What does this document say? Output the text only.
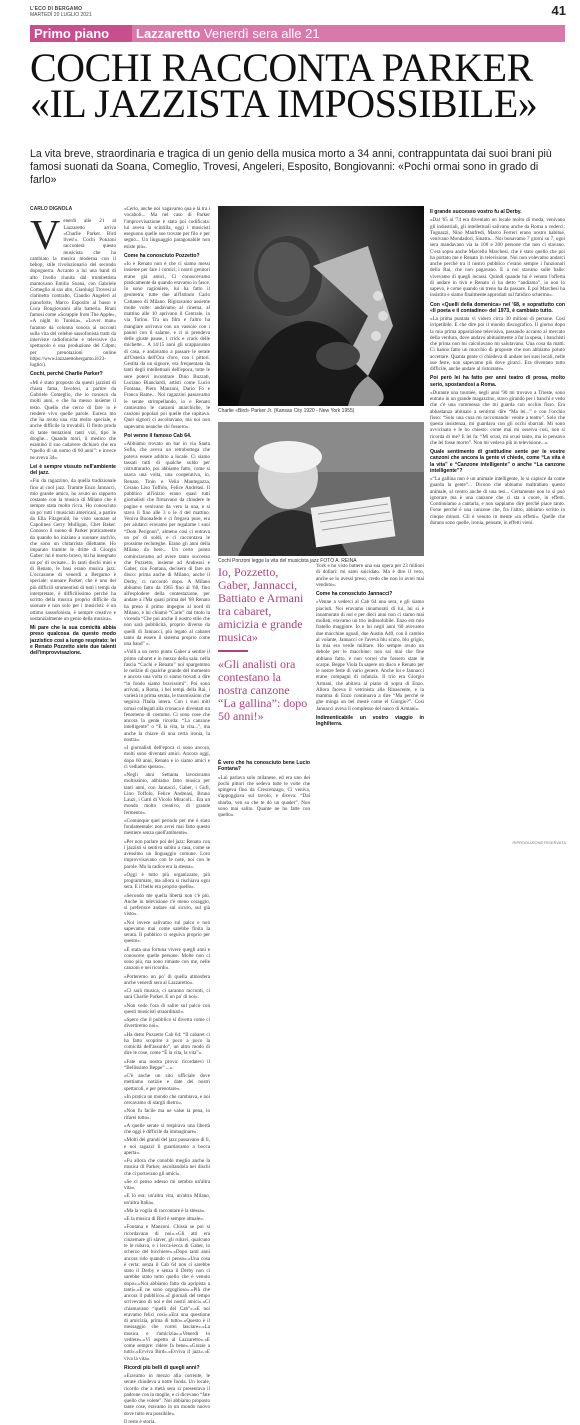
L'ECO DI BERGAMO
MARTEDÌ 20 LUGLIO 2021	41
Primo piano	Lazzaretto Venerdì sera alle 21
COCHI RACCONTA PARKER
«IL JAZZISTA IMPOSSIBILE»

La vita breve, straordinaria e tragica di un genio della musica morto a 34 anni, contrappuntata dai suoi brani più famosi suonati da Soana, Comeglio, Trovesi, Angeleri, Esposito, Bongiovanni: «Pochi ormai sono in grado di farlo»

CARLO DIGNOLA

Venerdì alle 21 al Lazzaretto arriva «Charlie Parker. Bird lives!». Cochi Ponzoni racconterà questo musicista che ha cambiato la musica moderna con il bebop, stile rivoluzionario del secondo dopoguerra. Accanto a lui una band di alto livello riunita dal trombettista mantovano Emilio Soana, con Gabriele Comeglio al sax alto, Gianluigi Trovesi al clarinetto contralto, Claudio Angeleri al pianoforte, Marco Esposito al basso e Luca Bongiovanni alla batteria. Brani famosi come «Scrapple from The Apple», «A night in Tunisia», «Lover man» faranno da colonna sonora ai racconti sulla vita del celebre sassofonista tratti da interviste radiofoniche e televisive (lo spettacolo è una produzione del Cdpm; per prenotazioni online https://www.lazzarettobergamo.it/23-luglio/).

Cochi, perché Charlie Parker?

«Mi è stato proposto da questi jazzisti di chiara fama, favolosi, a partire da Gabriele Comeglio, che io conosco da molti anni, e che ha messo insieme il testo. Quello che cerco di fare io è rendere vivo quelle parole. Eureca mo che ha avuto una vita molto speciale, e anche difficile la trovabili. Il finito proda di tante tentazioni tanti vizi, tipo le droghe... Quando morì, il medico che esaminò il suo cadavere dichiarò che era “quello di un uomo di 60 anni”: e invece ne aveva 34».

Lei è sempre vissuto nell'ambiente del jazz.

«Fin da ragazzino, da quella tradizionale fino al cool jazz. Tramite Enzo Jannacci, mio grande amico, ho avuto un rapporto costante con la musica di Milano che è sempre stata molto ricca. Ho conosciuto un po' tutti i musicisti americani, a partire da Ella Fitzgerald, ho visto suonare al Capolinea Gerry Mulligan, Chet Baker. Conosco il suono di Parker praticamente da quando ho iniziato a suonare anch'io, che sono un chitarrista dilettante. Ho imparato tramite le dritte di Giorgio Gaber: lui è morto bravo, mi ha insegnato un po' di swisate... In tanti dischi miei e di Renato, le basi erano musica jazz. L'occasione di venerdì a Bergamo è speciale: suonare Parker, che è uno dei più difficili strumentisti di tutti i tempi da interpretare, è difficilissimo perché ha scritto della musica proprio difficile da suonare e non solo per i musicisti: è un ottimo sassofonista, è sempre creativo e sostanzialmente un genio della musica».

Mi pare che la sua comicità abbia preso qualcosa da questo modo jazzistico così a lungo respirato: lei e Renato Pozzetto siete due talenti dell'improvvisazione.

«Certo, anche noi vagavamo qua e là tra i vocaboli... Ma nel caso di Parker l'improvvisazione è stata poi codificata: lui aveva la scintilla, oggi i musicisti eseguono quelle sue trovate per filo e per segno... Un linguaggio paragonabile non esiste più».

Come ha conosciuto Pozzetto?

«Io e Renato non è che ci siamo messi insieme per fare i comici; i nostri genitori erano già amici, Ci conoscevamo praticamente da quando eravamo in fasce. Io sono ragioniere, lui ha fatto il geometra; tutte due all'Istituto Carlo Cattaneo di Milano. Rigiravamo assieme molte volte: andavamo al cinema, al mattino alle 10 aprivano il Centrale, in via Torino. Tra un film e l'altro ha mangiare arrivava con un vassoio con i panini con il salame, e ci si prendeva delle giuste pause, i crick e crack delle michette... A 14/15 anni gli scappavamo di casa, e andavamo a passare le serate all'Osteria dell'Oca d'oro, con i pittori. Gestita da un signore, era frequentata da tanti degli intellettuali dell'epoca, tutte le sere potevi incontrare Dino Buzzati, Luciano Bianciardi, artisti come Lucio Fontana, Piero Manzoni, Dario Fo e Franco Rame... Noi ragazzini passavamo le serate strimpellando, io e Renato cantavamo le canzoni anarchiche, le canzoni popolari poi quelle che capitava. Quei signori ci ascoltavano, ma noi non sapevamo neanche chi fossero».

Poi venne il famoso Cab 64.

«Abbiamo trovato un bar in via Santa Sofia, che aveva un retrobottega che poteva essere adibito a locale. Ci siamo tassati tutti di qualche soldo per ristrutturarlo, poi abbiamo fatto, come si usava una volta, una cooperativa, io, Renato, Tinin e Velia Mantegazza, Cerano Liso Toffolo, Felice Andreasi. Il pubblico all'inizio erano quasi tutti giornalisti che firmavano da chiudere le pagine e venivano da vero la una, e si stava lì fino alle 3 o le 4 del mattino. Veniva Buonafede e ci fregava pure, era per aiutarci eravamo per regalarne i suoi “Dom Perignon”, almeno così ci entrava un po' di soldi, e ci raccontava le prossime recluteghe. Erano gli anni della Milano da bere... Un certo punto cominciavamo ad avere tanto successo che Pozzetto, insieme ad Andreasi e Gaber, con Fontana, decisero di fare un disco: prima anche di Milano, anche il Derby, ci raccontò dopo. A Milano abbiamo fatto da 1965 fino al '68, fino all'esplodere della contestazione, per andare a l'Ma quasi prima del '68 Renato ha preso il primo impegno al nord di Milano, e lui chiamò “Carie” dal titolo la vicenda “Che poi anche il nostro stile che non sarà pubblicità, proprio diverso da quelli di Jannacci, più legato al cabaret tanto da essere il sistema proprio come una band” ».

«Volli a un certo punto Gaber a sentire il primo cabaret e in mezzo della sala: nella fascia “Cochi e Renato” noi spargemmo le notizie di qualche grande del momento e ancora una volta ci siamo trovati a dire “in fondo siamo bravissimi”. Poi sono arrivati, a Roma, i bei tempi della Rai, i varietà in prima serata, le trasmissioni che seguiva l'Italia intera. Con i suoi miti ormai collegati alla cronaca e diventati un fenomeno di costume. Ci sono cose che ancora la gente ricorda: “La canzone intelligente” o “E la vita, la vita...”, ma anche la chiave di una certa ironia, la nostra».

«I giornalisti dell'epoca ci sono ancora, molti sono diventati amici. Ancora oggi, dopo 60 anni, Renato e io siamo amici e ci vediamo spesso».

«Negli anni Settanta lavoravamo moltissimo, abbiamo fatto musica per tanti anni, con Jannacci, Gaber, i Gufi, Lino Toffolo, Felice Andreasi, Bruno Lauzi, i Gatti di Vicolo Miracoli... Era un mondo molto creativo, di grande fermento».

«Comunque quel periodo per me è stato fondamentale: non avrei mai fatto questo mestiere senza quell'ambiente».

«Per non parlare poi del jazz: Renato con i jazzisti si sentiva subito a casa, come se avessimo un linguaggio comune. Loro improvvisavano con le note, noi con le parole. Ma la radice era la stessa».

«Oggi è tutto più organizzato, più programmato, ma allora si rischiava ogni sera. E il bello era proprio quello».

«Secondo me quella libertà non c'è più. Anche in televisione c'è meno coraggio, si preferisce andare sul sicuro, sul già visto».

«Noi invece salivamo sul palco e non sapevamo mai come sarebbe finita la serata. Il pubblico ci seguiva proprio per questo».

«È stata una fortuna vivere quegli anni e conoscere quelle persone. Molte non ci sono più, ma sono rimaste con me, nelle canzoni e nei ricordi».

«Porteremo un po' di quella atmosfera anche venerdì sera al Lazzaretto».

«Ci sarà musica, ci saranno racconti, ci sarà Charlie Parker. E un po' di noi».

«Non vedo l'ora di salire sul palco con questi musicisti straordinari».

«Spero che il pubblico si diverta come ci divertiremo noi».

«Ha detto Pozzetto Cab 64: “Il cabaret ci ha fatto scoprire a poco a poco la comicità dell'assurdo”, un altro modo di dire le cose, come “È la vita, la vita”».

«Fate una nostra prova: ricordatevi il “Bellissimo Beppe” ...».

«C'è anche un sito ufficiale dove mettiamo notizie e date dei nostri spettacoli, e per prenotare».

«In pratica un mondo che cambiava, e noi cercavamo di stargli dietro».

«Non fu facile ma ne valse la pena, lo rifarei tutto».

«A quelle serate si respirava una libertà che oggi è difficile da immaginare».

«Molti dei grandi del jazz passavano di lì, e noi ragazzi li guardavamo a bocca aperta».

«Fu allora che conobbi meglio anche la musica di Parker, ascoltandola nei dischi che ci portavano gli amici».

«Se ci penso adesso mi sembra un'altra vita».

«E lo era: un'altra vita, un'altra Milano, un'altra Italia».

«Ma la voglia di raccontare è la stessa».

«E la musica di Bird è sempre attuale».

«Fontana e Manzoni. Chissà se poi si ricordavano di noi».«Gli atti era cinzemare gli slaver, gli rubavi, qualcuno te le rubava, e i lecca-lecca di Gaber, lo scherzo del bicchiere».«Dopo tanti anni ancora rido quando ci penso».«Una cosa è certa: senza il Cab 64 non ci sarebbe stato il Derby e senza il Derby non ci sarebbe stato tutto quello che è venuto dopo».«Noi abbiamo fatto da apripista a tanti».«E ne sono orgoglioso».«Più che ancora il pubblico».«I giornali del tempo scrivevano di noi e dei nostri amici».«Ci chiamavano “quelli del Cab”».«E noi eravamo felici così».«Era una questione di amicizia, prima di tutto».«Questo è il messaggio che vorrei lasciare».«La musica e l'amicizia».«Venerdì lo vedrete».«Vi aspetto al Lazzaretto».«E come sempre: ridere fa bene».«Grazie a tutti».«Evviva Bird».«Evviva il jazz».«E viva la vita».

Ricordi più belli di quegli anni?

«Eravamo in mezzo alla corrente, le serate chiudeva a notte fonda. Un locale, ricordo che a metà sera si presentava il padrone con la moglie, e ci dicevano “fate quello che volete”. Noi abbiamo proposto tante cose, eravamo in un mondo nuovo dove tutto era possibile».

Il resto è storia.

Charlie «Bird» Parker Jr. (Kansas City 1920 - New York 1955)
Cochi Ponzoni legge la vita del musicista jazz FOTO A. REINA
Io, Pozzetto, Gaber, Jannacci, Battiato e Armani tra cabaret, amicizia e grande musica»
«Gli analisti ora contestano la nostra canzone “La gallina”: dopo 50 anni!»

È vero che ha conosciuto bene Lucio Fontana?

«Lui parlava solo milanese, ed era uno dei pochi pittori che sedeva tutte le volte che spingeva fino da Crescenzago, Ci veniva, s'appoggiava sul tavolo, e diceva: “Dai sbarba, ven su che te dò un quader”. Non sono mai salito. Quante ne ho fatte con quello».

York e ho visto battere una sua opera per 23 milioni di dollari: mi sarei suicidato. Ma è dire il vero, anche se lo avessi preso, credo che non lo avrei mai venduto».

Come ha conosciuto Jannacci?

«Venne a vederci al Cab 64 una sera, e gli siamo piaciuti. Noi eravamo innamorati di lui, lui si è innamorato di noi e per dieci anni non ci siamo mai mollati, eravamo un trio indissolubile. Enzo era mio fratello maggiore. Io e lui negli anni '60 avevamo due macchine uguali, due Austin A40, con il cambio al volante, Jannacci ce l'aveva blu scuro, blu grigio, la mia era verde militare. Ho sempre avuto un debole per le macchine: non sai mai che fine abbiano fatto, e non vorrei che fossero state le scarpe. Beppe Viola fa sapere un disco e Renato per le nostre feste di vario genere. Anche lui e Jannacci erano compagni di infanzia. Il trio era Giorgio Armani, che abitava al piano di sopra di Enzo. Allora faceva il vetrinista alla Rinascente, e la mamma di Enzo continuava a dire “Ma perché te ghe minga un bel mestè come el Giorgio?”. Così Jannacci aveva il complesso del nasco di Armani».

Indimenticabile un vostro viaggio in Inghilterra.

Il grande successo vostro fu al Derby.

«Dal '65 al '74 era diventato un locale molto di moda, venivano gli industriali, gli intellettuali salivano anche da Roma a vederci: Tognazzi, Nino Manfredi, Marco Ferreri erano nostro habitué, venivano Mondadori, Sinatra... Noi bonavamo 7 giorni su 7, ogni sera mandavano via la 100 e 200 persone che non ci stavano. C'era sopra anche Marcello Marchesi, che è stato quello che poi ha portato me e Renato in televisione. Noi non volevamo andarci anche perché tra il nostro pubblico c'erano sempre i funzionari della Rai, che non pagavano. E a noi stavano sulle balle: vivevamo di quegli incassi. Quindi quando lui è venuto l'offerta di andare in tivù e Renato ci ha detto “andiamo”, io non lo sapevo, è come quando un treno ha da passare. E poi Marchesi ha insistito e siamo finalmente approdati sul fatidico schermo».

Con «Quelli della domenica» nel '68, e soprattutto con «Il poeta e il contadino» del 1973, è cambiato tutto.

«La prima puntata vi videro circa 30 milioni di persone. Così irripetibile. E che dire poi il mondo discografico. Il giorno dopo la mia prima apparizione televisiva, passando accanto al mercato della verdura, dove andavo abitualmente a far la spesa, i banchisti che prima non mi calcolavano mi salutavano. Una cosa da matti. Ci hanno fatto un mucchio di proposte che non abbiamo potuto accettare. Quanta gente ci chiedeva di andare nei suoi locali, nelle sue feste, non sapevamo più dove girarci. Era diventato tutto difficile, anche andare al ristorante».

Poi però lei ha fatto per anni teatro di prosa, molto serio, spostandosi a Roma.

«Durante una tournée, negli anni '90 mi trovavo a Trieste, sono entrato in un grande magazzino, stavo girando per i banchi e vedo che c'è una commessa che mi guarda con occhio fisso. Era abbastanza abituato a sentirmi dire “Ma lei...” e con l'occhio fisso: “Solo una cosa mi raccomando: venite a teatro”. Solo che questa insistenza, mi guardava con gli occhi sbarrati. Mi sono avvicinato e le ho chiesto: come mai mi osserva così, non si ricorda di me? E lei fa: “Mi scusi, mi scusi tanto, ma io pensavo che lei fosse morto”. Non mi vedeva più in televisione...».

Quale sentimento di gratitudine sente per le vostre canzoni che ancora la gente vi chiede, come “La vita è la vita” e “Canzone intelligente” o anche “La canzone intelligente”?

«“La gallina non è un animale intelligente, lo si capisce da come guarda la gente”... Dicono che abbiamo maltrattato questo animale, al centro anche di una tesi... Certamente non lo si può ignorare ma è una canzone che ci sta a cuore, in effetti. Continuiamo a cantarla, e non sappiamo dire perché piace tanto. Forse perché è una canzone che, fra l'altro, abbiamo scritto in cinque minuti. Gli è venuto in mente «in effetti». Quelle che durano sono quelle, ironia, pensate, in effetti vieni.

RIPRODUZIONE RISERVATA
